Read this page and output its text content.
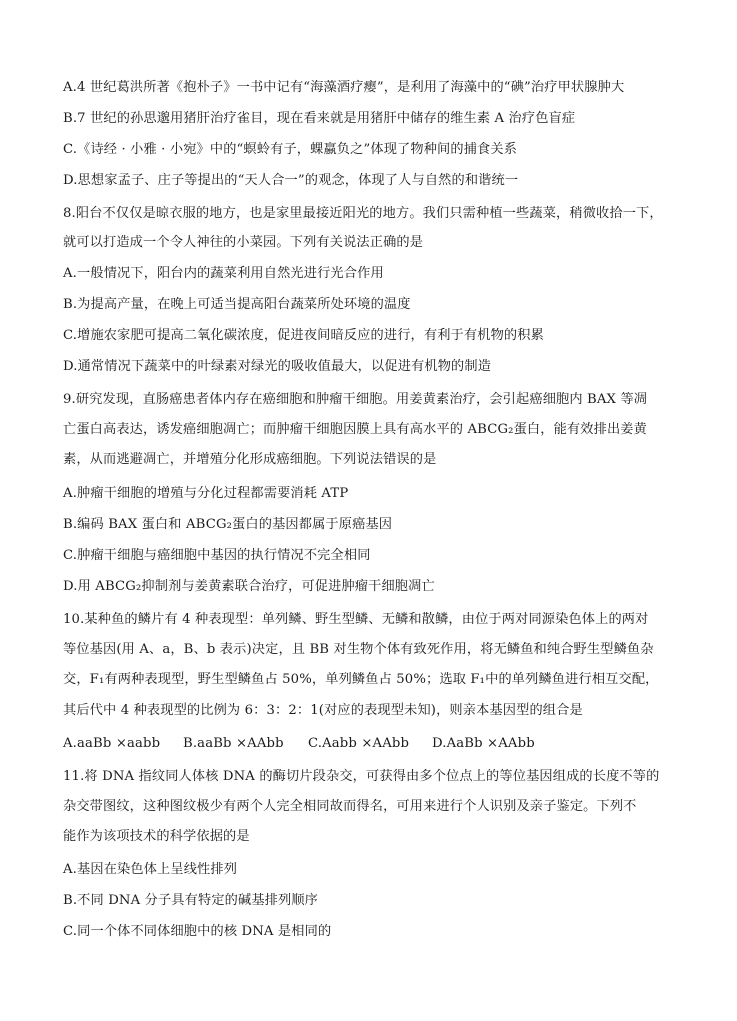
A.4 世纪葛洪所著《抱朴子》一书中记有“海藻酒疗瘿”，是利用了海藻中的“碘”治疗甲状腺肿大
B.7 世纪的孙思邈用猪肝治疗雀目，现在看来就是用猪肝中储存的维生素 A 治疗色盲症
C.《诗经 · 小雅 · 小宛》中的“螟蛉有子，蜾蠃负之”体现了物种间的捕食关系
D.思想家孟子、庄子等提出的“天人合一”的观念，体现了人与自然的和谐统一
8.阳台不仅仅是晾衣服的地方，也是家里最接近阳光的地方。我们只需种植一些蔬菜，稍微收拾一下，
就可以打造成一个令人神往的小菜园。下列有关说法正确的是
A.一般情况下，阳台内的蔬菜利用自然光进行光合作用
B.为提高产量，在晚上可适当提高阳台蔬菜所处环境的温度
C.增施农家肥可提高二氧化碳浓度，促进夜间暗反应的进行，有利于有机物的积累
D.通常情况下蔬菜中的叶绿素对绿光的吸收值最大，以促进有机物的制造
9.研究发现，直肠癌患者体内存在癌细胞和肿瘤干细胞。用姜黄素治疗，会引起癌细胞内 BAX 等凋
亡蛋白高表达，诱发癌细胞凋亡；而肿瘤干细胞因膜上具有高水平的 ABCG₂蛋白，能有效排出姜黄
素，从而逃避凋亡，并增殖分化形成癌细胞。下列说法错误的是
A.肿瘤干细胞的增殖与分化过程都需要消耗 ATP
B.编码 BAX 蛋白和 ABCG₂蛋白的基因都属于原癌基因
C.肿瘤干细胞与癌细胞中基因的执行情况不完全相同
D.用 ABCG₂抑制剂与姜黄素联合治疗，可促进肿瘤干细胞凋亡
10.某种鱼的鳞片有 4 种表现型：单列鳞、野生型鳞、无鳞和散鳞，由位于两对同源染色体上的两对
等位基因(用 A、a，B、b 表示)决定，且 BB 对生物个体有致死作用，将无鳞鱼和纯合野生型鳞鱼杂
交，F₁有两种表现型，野生型鳞鱼占 50%，单列鳞鱼占 50%；选取 F₁中的单列鳞鱼进行相互交配，
其后代中 4 种表现型的比例为 6：3：2：1(对应的表现型未知)，则亲本基因型的组合是
A.aaBb ×aabb	B.aaBb ×AAbb	C.Aabb ×AAbb	D.AaBb ×AAbb
11.将 DNA 指纹同人体核 DNA 的酶切片段杂交，可获得由多个位点上的等位基因组成的长度不等的
杂交带图纹，这种图纹极少有两个人完全相同故而得名，可用来进行个人识别及亲子鉴定。下列不
能作为该项技术的科学依据的是
A.基因在染色体上呈线性排列
B.不同 DNA 分子具有特定的碱基排列顺序
C.同一个体不同体细胞中的核 DNA 是相同的
